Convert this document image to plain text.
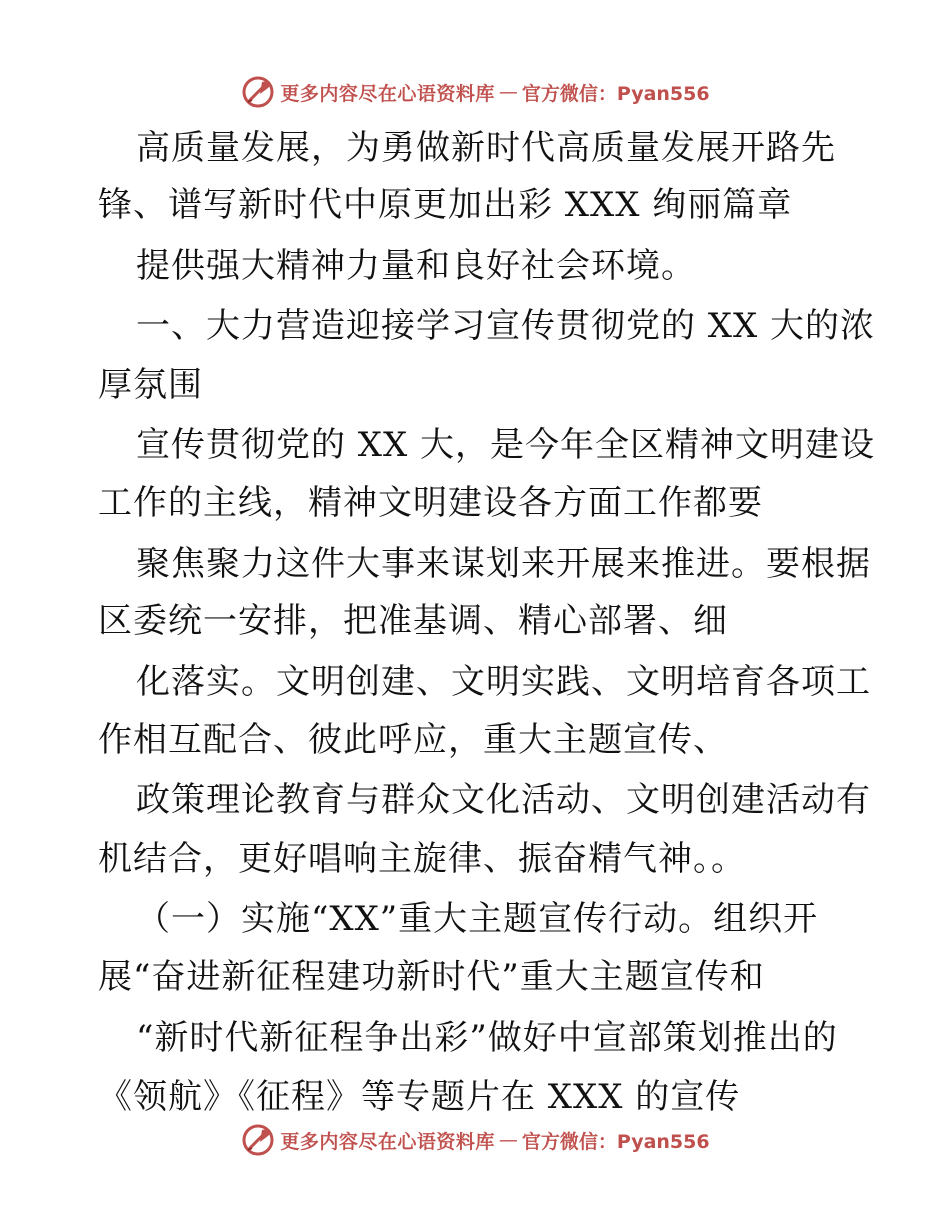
更多内容尽在心语资料库 — 官方微信：Pyan556
高质量发展，为勇做新时代高质量发展开路先
锋、谱写新时代中原更加出彩 XXX 绚丽篇章
提供强大精神力量和良好社会环境。
一、大力营造迎接学习宣传贯彻党的 XX 大的浓
厚氛围
宣传贯彻党的 XX 大，是今年全区精神文明建设
工作的主线，精神文明建设各方面工作都要
聚焦聚力这件大事来谋划来开展来推进。要根据
区委统一安排，把准基调、精心部署、细
化落实。文明创建、文明实践、文明培育各项工
作相互配合、彼此呼应，重大主题宣传、
政策理论教育与群众文化活动、文明创建活动有
机结合，更好唱响主旋律、振奋精气神。。
（一）实施“XX”重大主题宣传行动。组织开
展“奋进新征程建功新时代”重大主题宣传和
“新时代新征程争出彩”做好中宣部策划推出的
《领航》《征程》等专题片在 XXX 的宣传
更多内容尽在心语资料库 — 官方微信：Pyan556
